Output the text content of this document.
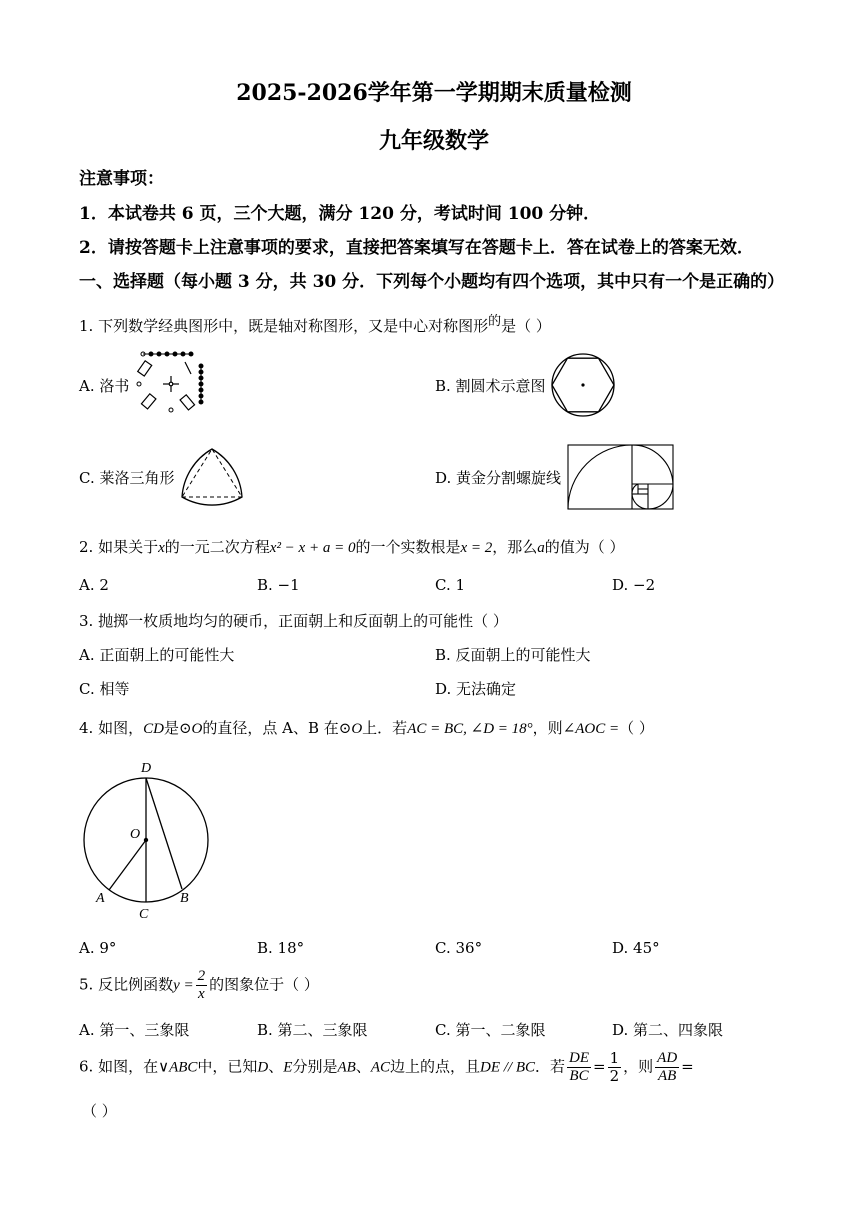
2025-2026学年第一学期期末质量检测
九年级数学
注意事项：
1．本试卷共 6 页，三个大题，满分 120 分，考试时间 100 分钟．
2．请按答题卡上注意事项的要求，直接把答案填写在答题卡上．答在试卷上的答案无效．
一、选择题（每小题 3 分，共 30 分．下列每个小题均有四个选项，其中只有一个是正确的）
1. 下列数学经典图形中，既是轴对称图形，又是中心对称图形$^的$是（ ）
A. 洛书	B. 割圆术示意图
C. 莱洛三角形	D. 黄金分割螺旋线
2. 如果关于x的一元二次方程x² − x + a = 0的一个实数根是x = 2，那么a的值为（ ）
A. 2	B. −1	C. 1	D. −2
3. 抛掷一枚质地均匀的硬币，正面朝上和反面朝上的可能性（ ）
A. 正面朝上的可能性大	B. 反面朝上的可能性大
C. 相等	D. 无法确定
4. 如图，CD是⊙O的直径，点 A、B 在⊙O上．若AC = BC, ∠D = 18°，则∠AOC =（ ）
D
O
A	B
C
A. 9°	B. 18°	C. 36°	D. 45°
5. 反比例函数$y = \frac{2}{x}$ 的图象位于（ ）
A. 第一、三象限	B. 第二、三象限	C. 第一、二象限	D. 第二、四象限
6. 如图，在∨ABC中，已知D、E分别是AB、AC边上的点，且DE // BC．若 $\frac{DE}{BC} = \frac{1}{2}$ ，则 $\frac{AD}{AB}$ =
（ ）
